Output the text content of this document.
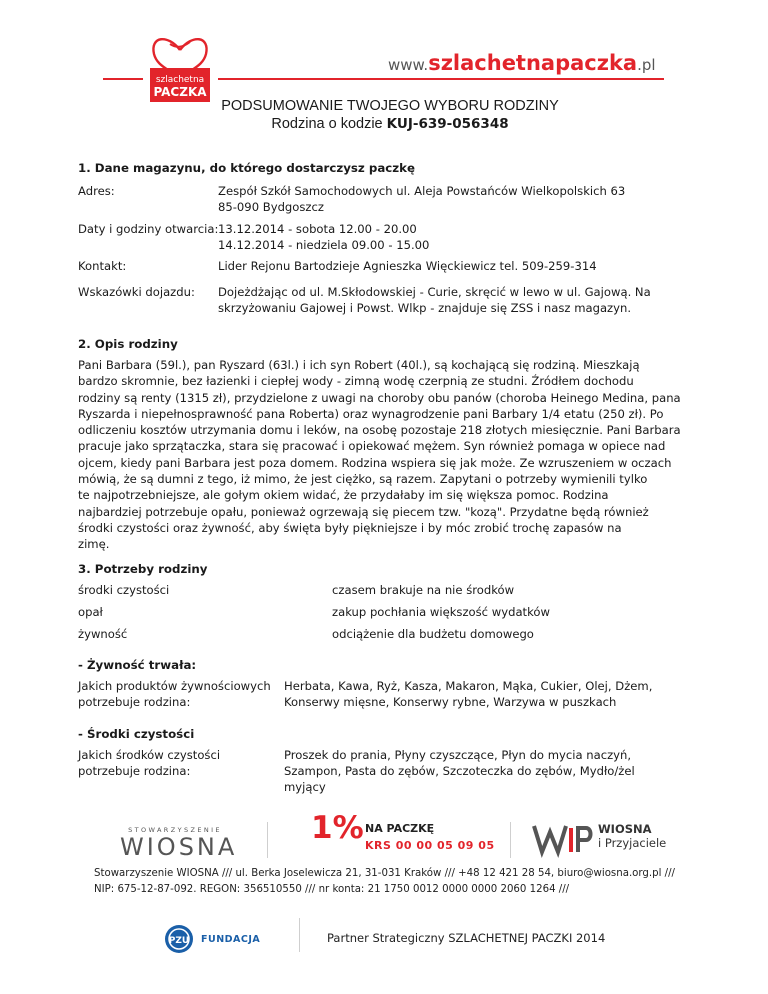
szlachetna
PACZKA
www.szlachetnapaczka.pl
PODSUMOWANIE TWOJEGO WYBORU RODZINY
Rodzina o kodzie KUJ-639-056348
1. Dane magazynu, do którego dostarczysz paczkę
Adres:	Zespół Szkół Samochodowych ul. Aleja Powstańców Wielkopolskich 63
85-090 Bydgoszcz
Daty i godziny otwarcia: 13.12.2014 - sobota 12.00 - 20.00
14.12.2014 - niedziela 09.00 - 15.00
Kontakt:	Lider Rejonu Bartodzieje Agnieszka Więckiewicz tel. 509-259-314
Wskazówki dojazdu: Dojeżdżając od ul. M.Skłodowskiej - Curie, skręcić w lewo w ul. Gajową. Na
skrzyżowaniu Gajowej i Powst. Wlkp - znajduje się ZSS i nasz magazyn.
2. Opis rodziny
Pani Barbara (59l.), pan Ryszard (63l.) i ich syn Robert (40l.), są kochającą się rodziną. Mieszkają
bardzo skromnie, bez łazienki i ciepłej wody - zimną wodę czerpnią ze studni. Źródłem dochodu
rodziny są renty (1315 zł), przydzielone z uwagi na choroby obu panów (choroba Heinego Medina, pana
Ryszarda i niepełnosprawność pana Roberta) oraz wynagrodzenie pani Barbary 1/4 etatu (250 zł). Po
odliczeniu kosztów utrzymania domu i leków, na osobę pozostaje 218 złotych miesięcznie. Pani Barbara
pracuje jako sprzątaczka, stara się pracować i opiekować mężem. Syn również pomaga w opiece nad
ojcem, kiedy pani Barbara jest poza domem. Rodzina wspiera się jak może. Ze wzruszeniem w oczach
mówią, że są dumni z tego, iż mimo, że jest ciężko, są razem. Zapytani o potrzeby wymienili tylko
te najpotrzebniejsze, ale gołym okiem widać, że przydałaby im się większa pomoc. Rodzina
najbardziej potrzebuje opału, ponieważ ogrzewają się piecem tzw. "kozą". Przydatne będą również
środki czystości oraz żywność, aby święta były piękniejsze i by móc zrobić trochę zapasów na
zimę.
3. Potrzeby rodziny
środki czystości	czasem brakuje na nie środków
opał	zakup pochłania większość wydatków
żywność	odciążenie dla budżetu domowego
- Żywność trwała:
Jakich produktów żywnościowych
potrzebuje rodzina:
Herbata, Kawa, Ryż, Kasza, Makaron, Mąka, Cukier, Olej, Dżem,
Konserwy mięsne, Konserwy rybne, Warzywa w puszkach
- Środki czystości
Jakich środków czystości
potrzebuje rodzina:
Proszek do prania, Płyny czyszczące, Płyn do mycia naczyń,
Szampon, Pasta do zębów, Szczoteczka do zębów, Mydło/żel
myjący
STOWARZYSZENIE
WIOSNA
1% NA PACZKĘ
KRS 00 00 05 09 05
WIOSNA
i Przyjaciele
Stowarzyszenie WIOSNA /// ul. Berka Joselewicza 21, 31-031 Kraków /// +48 12 421 28 54, biuro@wiosna.org.pl ///
NIP: 675-12-87-092. REGON: 356510550 /// nr konta: 21 1750 0012 0000 0000 2060 1264 ///
PZU FUNDACJA	Partner Strategiczny SZLACHETNEJ PACZKI 2014
